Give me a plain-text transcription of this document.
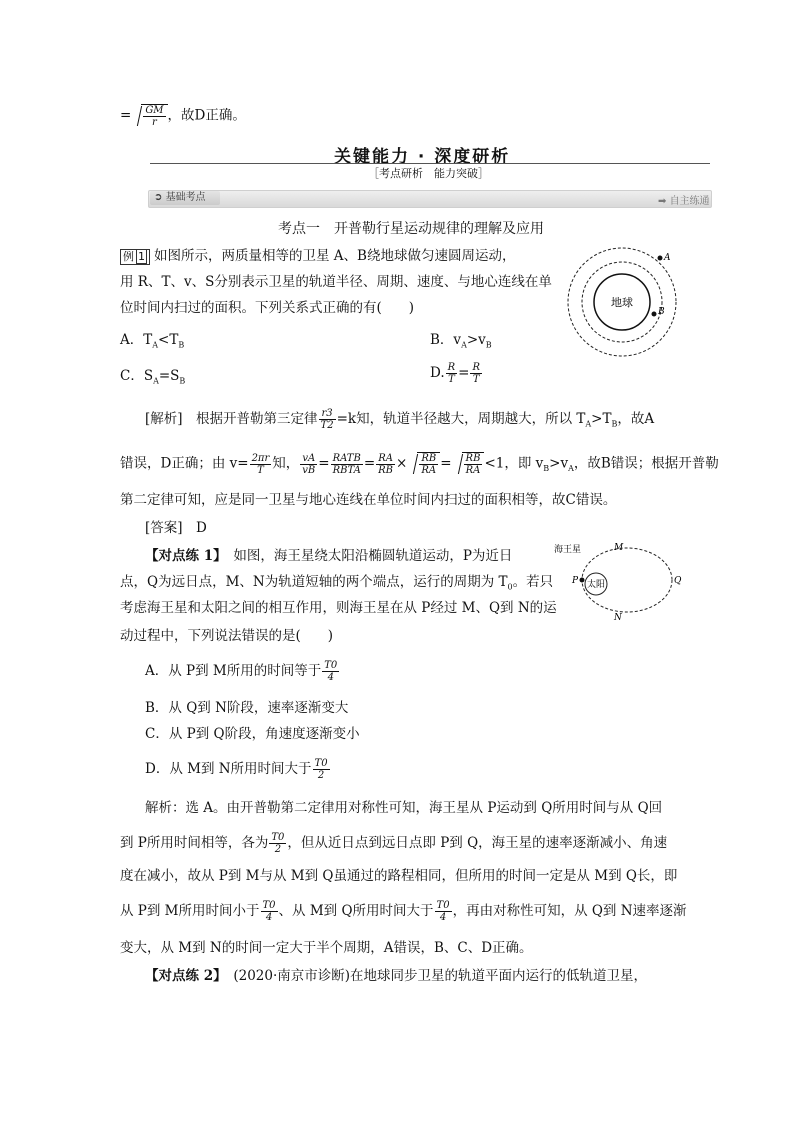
= $\frac{GM}{r}$ ，故D正确。
关键能力 · 深度研析
［考点研析　能力突破］
➲ 基础考点	➡ 自主练通
考点一　开普勒行星运动规律的理解及应用
例 1 如图所示，两质量相等的卫星 A、B绕地球做匀速圆周运动，
用 R、T、v、S分别表示卫星的轨道半径、周期、速度、与地心连线在单
位时间内扫过的面积。下列关系式正确的有(　　)
A．$T_A<T_B$	B．$v_A>v_B$
C．$S_A=S_B$
D. $\frac{R}{T} = \frac{R}{T}$
地球
A
B
[解析]　根据开普勒第三定律 $\frac{r3}{T2} =k$知，轨道半径越大，周期越大，所以 $T_A>T_B$，故A
错误，D正确；由 $v= \frac{2\pi r}{T}$ 知， $\frac{vA}{vB} = \frac{\text{RATB}}{\text{RBTA}} = \frac{RA}{RB} \times \frac{RB}{RA} = \frac{RB}{RA} <1$，即 $v_B>v_A$，故B错误；根据开普勒
第二定律可知，应是同一卫星与地心连线在单位时间内扫过的面积相等，故C错误。
[答案]　D
【对点练 1】　如图，海王星绕太阳沿椭圆轨道运动，P为近日
点，Q为远日点，M、N为轨道短轴的两个端点，运行的周期为 $T_0$。若只
考虑海王星和太阳之间的相互作用，则海王星在从 P经过 M、Q到 N的运
动过程中，下列说法错误的是(　　)
A．从 P到 M所用的时间等于 $\frac{T0}{4}$
B．从 Q到 N阶段，速率逐渐变大
C．从 P到 Q阶段，角速度逐渐变小
D．从 M到 N所用时间大于 $\frac{T0}{2}$
太阳
海王星
P	Q
M
N
解析：选 A。由开普勒第二定律用对称性可知，海王星从 P运动到 Q所用时间与从 Q回
到 P所用时间相等，各为 $\frac{T0}{2}$ ，但从近日点到远日点即 P到 Q，海王星的速率逐渐减小、角速
度在减小，故从 P到 M与从 M到 Q虽通过的路程相同，但所用的时间一定是从 M到 Q长，即
从 P到 M所用时间小于 $\frac{T0}{4}$ 、从 M到 Q所用时间大于 $\frac{T0}{4}$ ，再由对称性可知，从 Q到 N速率逐渐
变大，从 M到 N的时间一定大于半个周期，A错误，B、C、D正确。
【对点练 2】　(2020·南京市诊断)在地球同步卫星的轨道平面内运行的低轨道卫星，
